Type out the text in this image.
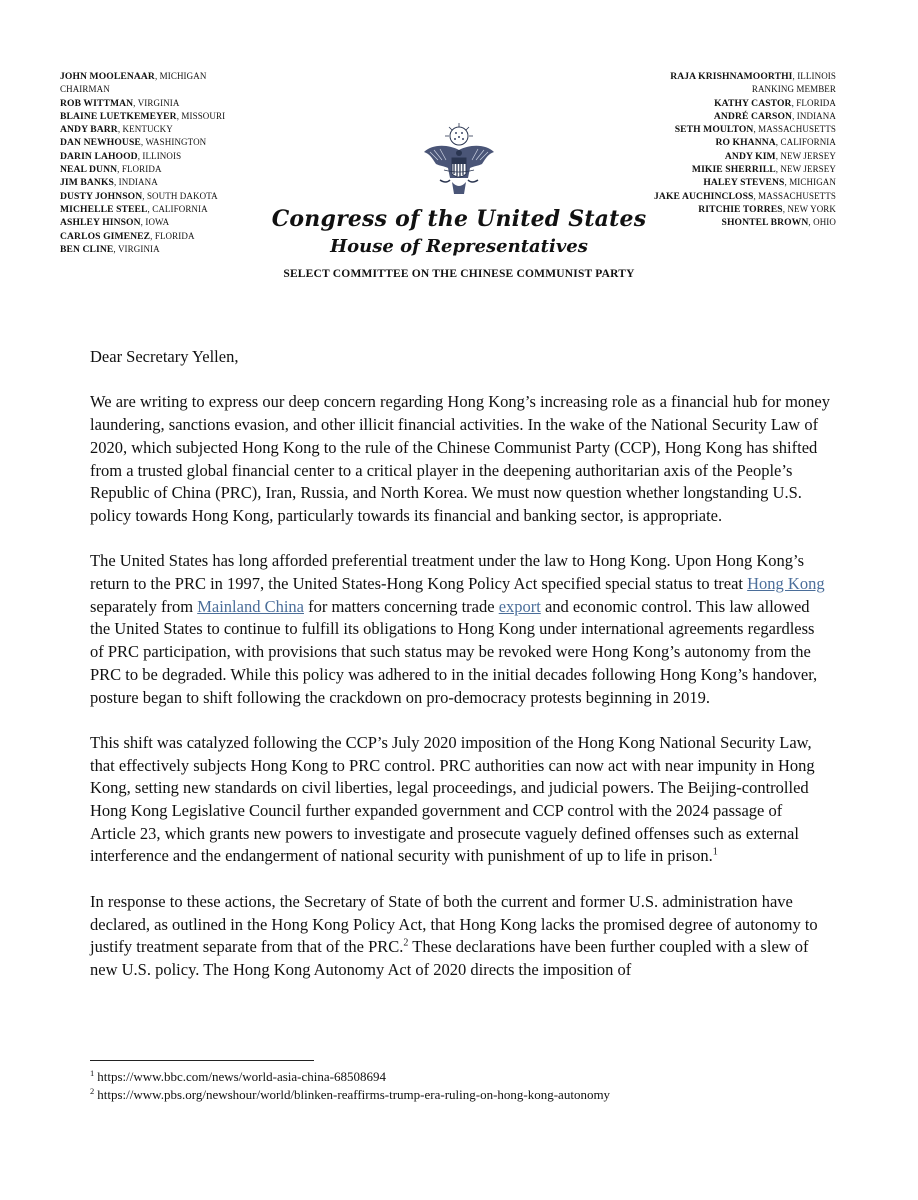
JOHN MOOLENAAR, MICHIGAN
CHAIRMAN
ROB WITTMAN, VIRGINIA
BLAINE LUETKEMEYER, MISSOURI
ANDY BARR, KENTUCKY
DAN NEWHOUSE, WASHINGTON
DARIN LAHOOD, ILLINOIS
NEAL DUNN, FLORIDA
JIM BANKS, INDIANA
DUSTY JOHNSON, SOUTH DAKOTA
MICHELLE STEEL, CALIFORNIA
ASHLEY HINSON, IOWA
CARLOS GIMENEZ, FLORIDA
BEN CLINE, VIRGINIA
RAJA KRISHNAMOORTHI, ILLINOIS
RANKING MEMBER
KATHY CASTOR, FLORIDA
ANDRÉ CARSON, INDIANA
SETH MOULTON, MASSACHUSETTS
RO KHANNA, CALIFORNIA
ANDY KIM, NEW JERSEY
MIKIE SHERRILL, NEW JERSEY
HALEY STEVENS, MICHIGAN
JAKE AUCHINCLOSS, MASSACHUSETTS
RITCHIE TORRES, NEW YORK
SHONTEL BROWN, OHIO
Congress of the United States
House of Representatives
SELECT COMMITTEE ON THE CHINESE COMMUNIST PARTY

Dear Secretary Yellen,

We are writing to express our deep concern regarding Hong Kong’s increasing role as a financial hub for money laundering, sanctions evasion, and other illicit financial activities. In the wake of the National Security Law of 2020, which subjected Hong Kong to the rule of the Chinese Communist Party (CCP), Hong Kong has shifted from a trusted global financial center to a critical player in the deepening authoritarian axis of the People’s Republic of China (PRC), Iran, Russia, and North Korea. We must now question whether longstanding U.S. policy towards Hong Kong, particularly towards its financial and banking sector, is appropriate.

The United States has long afforded preferential treatment under the law to Hong Kong. Upon Hong Kong’s return to the PRC in 1997, the United States-Hong Kong Policy Act specified special status to treat Hong Kong separately from Mainland China for matters concerning trade export and economic control. This law allowed the United States to continue to fulfill its obligations to Hong Kong under international agreements regardless of PRC participation, with provisions that such status may be revoked were Hong Kong’s autonomy from the PRC to be degraded. While this policy was adhered to in the initial decades following Hong Kong’s handover, posture began to shift following the crackdown on pro-democracy protests beginning in 2019.

This shift was catalyzed following the CCP’s July 2020 imposition of the Hong Kong National Security Law, that effectively subjects Hong Kong to PRC control. PRC authorities can now act with near impunity in Hong Kong, setting new standards on civil liberties, legal proceedings, and judicial powers. The Beijing-controlled Hong Kong Legislative Council further expanded government and CCP control with the 2024 passage of Article 23, which grants new powers to investigate and prosecute vaguely defined offenses such as external interference and the endangerment of national security with punishment of up to life in prison.$^1$

In response to these actions, the Secretary of State of both the current and former U.S. administration have declared, as outlined in the Hong Kong Policy Act, that Hong Kong lacks the promised degree of autonomy to justify treatment separate from that of the PRC.$^2$ These declarations have been further coupled with a slew of new U.S. policy. The Hong Kong Autonomy Act of 2020 directs the imposition of

$^1$ https://www.bbc.com/news/world-asia-china-68508694
$^2$ https://www.pbs.org/newshour/world/blinken-reaffirms-trump-era-ruling-on-hong-kong-autonomy
